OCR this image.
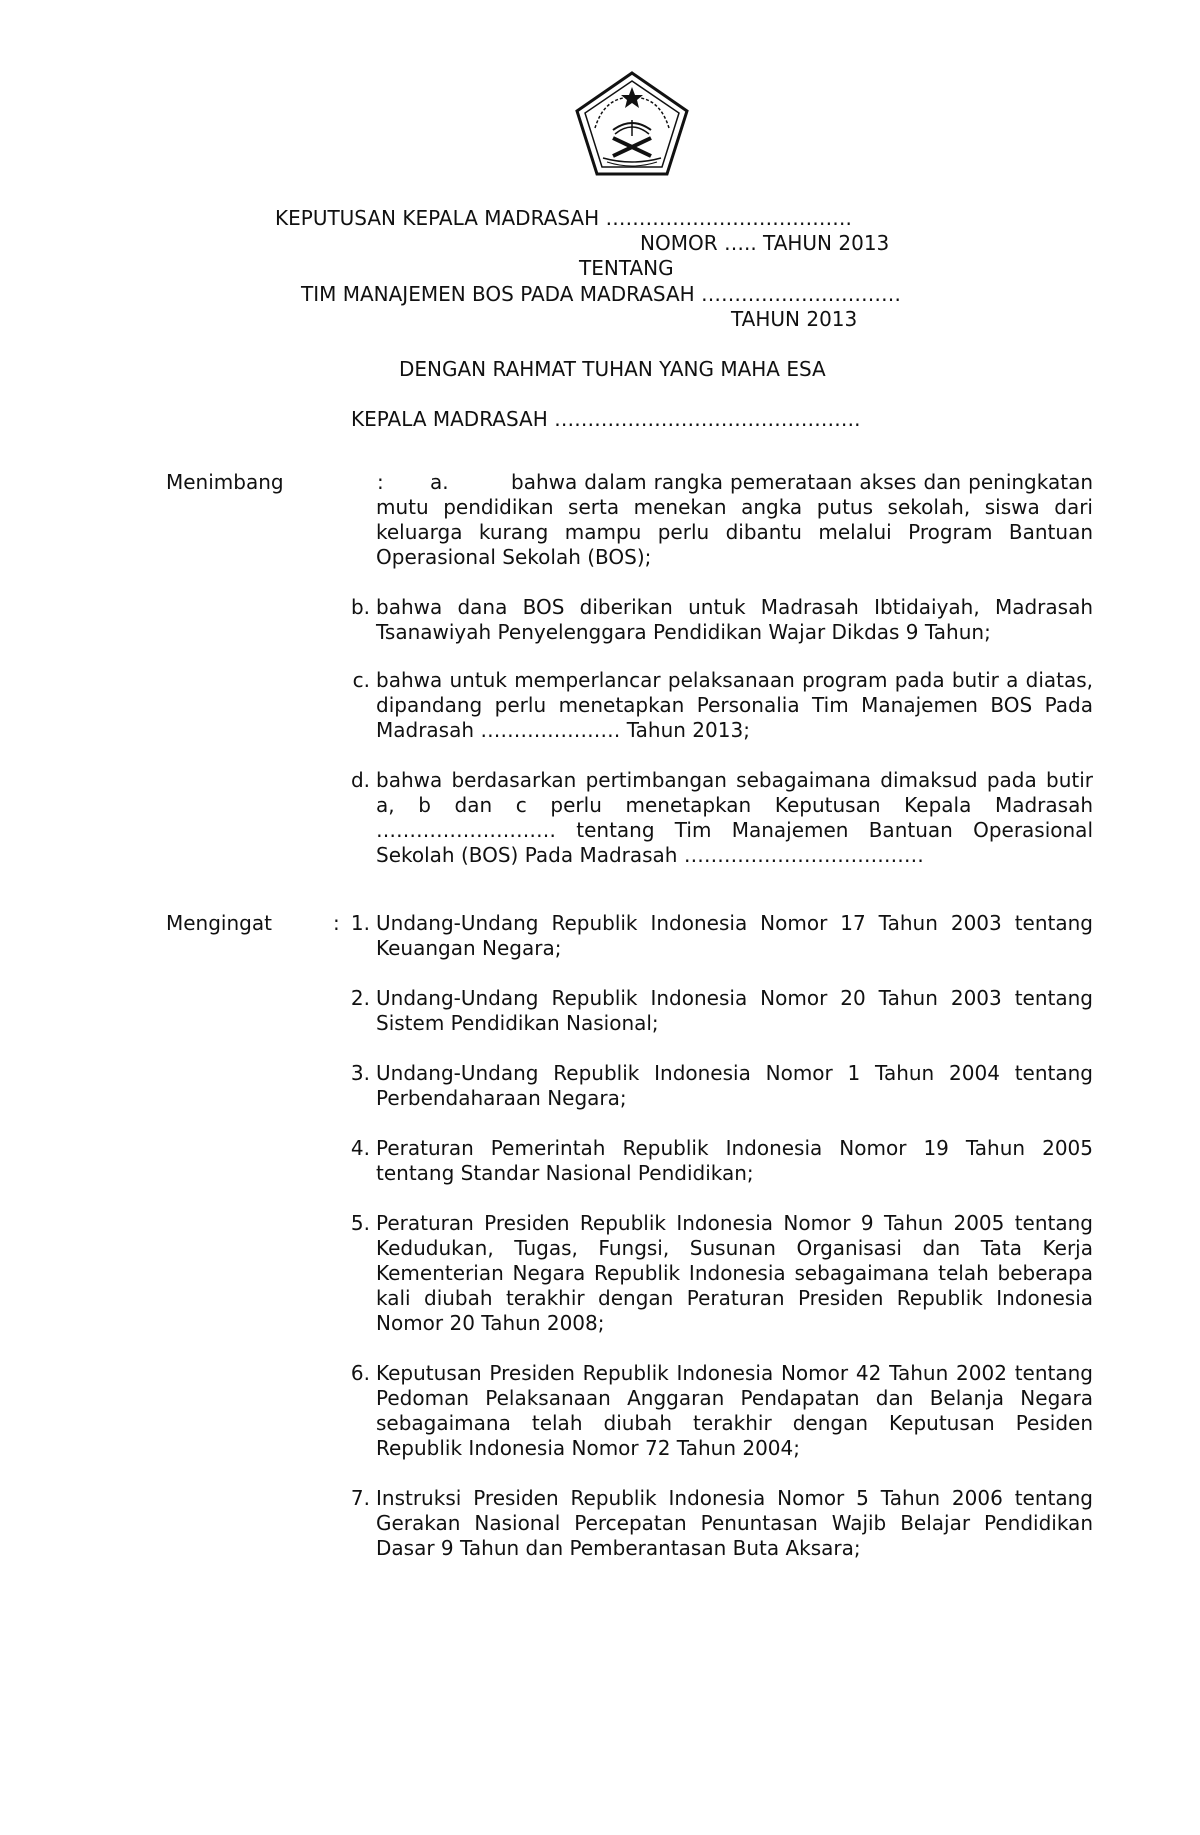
KEPUTUSAN KEPALA MADRASAH ……………………………….
NOMOR ….. TAHUN 2013
TENTANG
TIM MANAJEMEN BOS PADA MADRASAH …………………………
TAHUN 2013
DENGAN RAHMAT TUHAN YANG MAHA ESA
KEPALA MADRASAH ……………………………………….
Menimbang	: a.	bahwa dalam rangka pemerataan akses dan peningkatan mutu pendidikan serta menekan angka putus sekolah, siswa dari keluarga kurang mampu perlu dibantu melalui Program Bantuan Operasional Sekolah (BOS);
b. bahwa dana BOS diberikan untuk Madrasah Ibtidaiyah, Madrasah Tsanawiyah Penyelenggara Pendidikan Wajar Dikdas 9 Tahun;
c. bahwa untuk memperlancar pelaksanaan program pada butir a diatas, dipandang perlu menetapkan Personalia Tim Manajemen BOS Pada Madrasah ………………… Tahun 2013;
d. bahwa berdasarkan pertimbangan sebagaimana dimaksud pada butir a, b dan c perlu menetapkan Keputusan Kepala Madrasah ……………………… tentang Tim Manajemen Bantuan Operasional Sekolah (BOS) Pada Madrasah ………………………………
Mengingat	: 1. Undang-Undang Republik Indonesia Nomor 17 Tahun 2003 tentang Keuangan Negara;
2. Undang-Undang Republik Indonesia Nomor 20 Tahun 2003 tentang Sistem Pendidikan Nasional;
3. Undang-Undang Republik Indonesia Nomor 1 Tahun 2004 tentang Perbendaharaan Negara;
4. Peraturan Pemerintah Republik Indonesia Nomor 19 Tahun 2005 tentang Standar Nasional Pendidikan;
5. Peraturan Presiden Republik Indonesia Nomor 9 Tahun 2005 tentang Kedudukan, Tugas, Fungsi, Susunan Organisasi dan Tata Kerja Kementerian Negara Republik Indonesia sebagaimana telah beberapa kali diubah terakhir dengan Peraturan Presiden Republik Indonesia Nomor 20 Tahun 2008;
6. Keputusan Presiden Republik Indonesia Nomor 42 Tahun 2002 tentang Pedoman Pelaksanaan Anggaran Pendapatan dan Belanja Negara sebagaimana telah diubah terakhir dengan Keputusan Pesiden Republik Indonesia Nomor 72 Tahun 2004;
7. Instruksi Presiden Republik Indonesia Nomor 5 Tahun 2006 tentang Gerakan Nasional Percepatan Penuntasan Wajib Belajar Pendidikan Dasar 9 Tahun dan Pemberantasan Buta Aksara;
